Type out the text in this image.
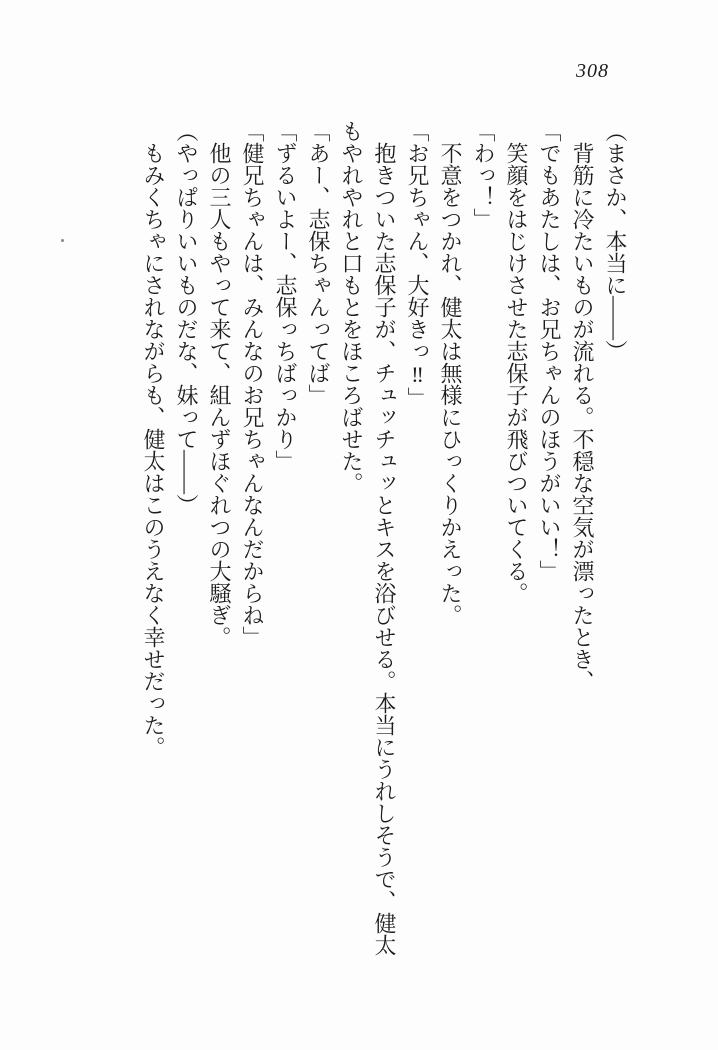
308
（まさか、本当に——）
背筋に冷たいものが流れる。不穏な空気が漂ったとき、
「でもあたしは、お兄ちゃんのほうがいい！」
笑顔をはじけさせた志保子が飛びついてくる。
「わっ！」
不意をつかれ、健太は無様にひっくりかえった。
「お兄ちゃん、大好きっ‼」
抱きついた志保子が、チュッチュッとキスを浴びせる。本当にうれしそうで、健太
もやれやれと口もとをほころばせた。
「あー、志保ちゃんってば」
「ずるいよー、志保っちばっかり」
「健兄ちゃんは、みんなのお兄ちゃんなんだからね」
他の三人もやって来て、組んずほぐれつの大騒ぎ。
（やっぱりいいものだな、妹って——）
もみくちゃにされながらも、健太はこのうえなく幸せだった。
